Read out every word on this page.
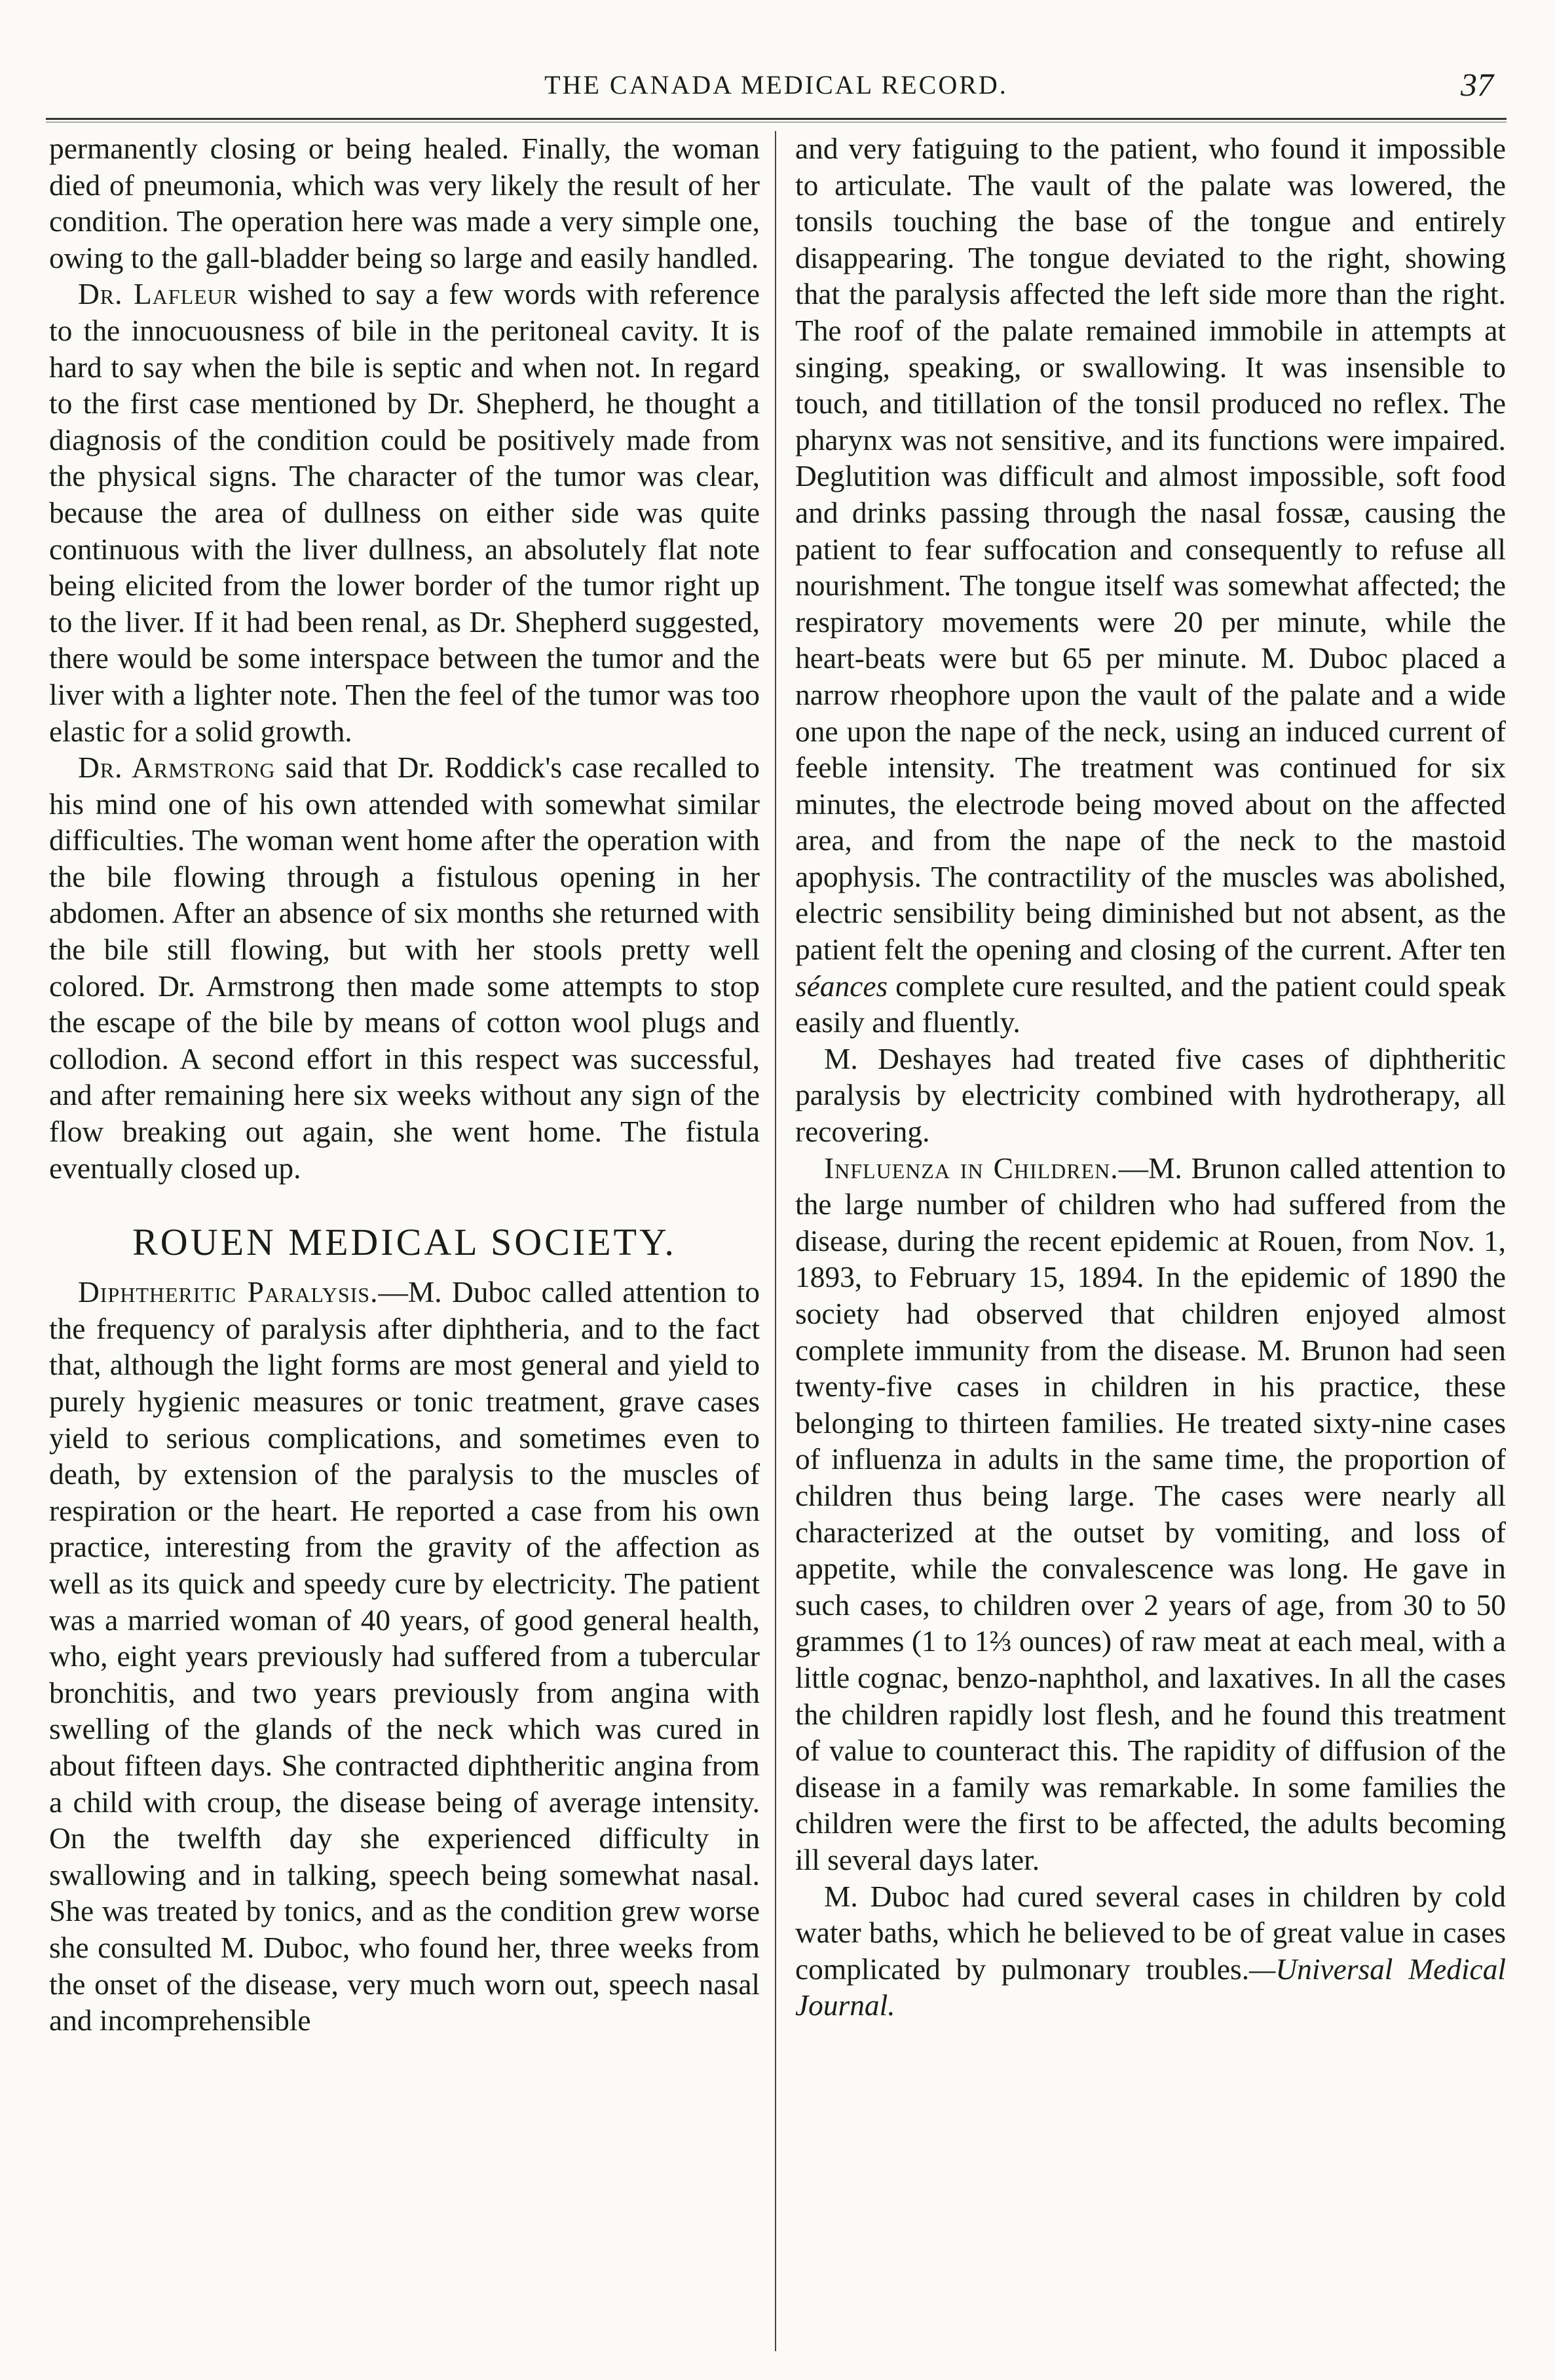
THE CANADA MEDICAL RECORD.	37

permanently closing or being healed. Finally, the woman died of pneumonia, which was very likely the result of her condition. The operation here was made a very simple one, owing to the gall-bladder being so large and easily handled.

Dr. Lafleur wished to say a few words with reference to the innocuousness of bile in the peritoneal cavity. It is hard to say when the bile is septic and when not. In regard to the first case mentioned by Dr. Shepherd, he thought a diagnosis of the condition could be positively made from the physical signs. The character of the tumor was clear, because the area of dullness on either side was quite continuous with the liver dullness, an absolutely flat note being elicited from the lower border of the tumor right up to the liver. If it had been renal, as Dr. Shepherd suggested, there would be some interspace between the tumor and the liver with a lighter note. Then the feel of the tumor was too elastic for a solid growth.

Dr. Armstrong said that Dr. Roddick's case recalled to his mind one of his own attended with somewhat similar difficulties. The woman went home after the operation with the bile flowing through a fistulous opening in her abdomen. After an absence of six months she returned with the bile still flowing, but with her stools pretty well colored. Dr. Armstrong then made some attempts to stop the escape of the bile by means of cotton wool plugs and collodion. A second effort in this respect was successful, and after remaining here six weeks without any sign of the flow breaking out again, she went home. The fistula eventually closed up.

ROUEN MEDICAL SOCIETY.

Diphtheritic Paralysis.—M. Duboc called attention to the frequency of paralysis after diphtheria, and to the fact that, although the light forms are most general and yield to purely hygienic measures or tonic treatment, grave cases yield to serious complications, and sometimes even to death, by extension of the paralysis to the muscles of respiration or the heart. He reported a case from his own practice, interesting from the gravity of the affection as well as its quick and speedy cure by electricity. The patient was a married woman of 40 years, of good general health, who, eight years previously had suffered from a tubercular bronchitis, and two years previously from angina with swelling of the glands of the neck which was cured in about fifteen days. She contracted diphtheritic angina from a child with croup, the disease being of average intensity. On the twelfth day she experienced difficulty in swallowing and in talking, speech being somewhat nasal. She was treated by tonics, and as the condition grew worse she consulted M. Duboc, who found her, three weeks from the onset of the disease, very much worn out, speech nasal and incomprehensible

and very fatiguing to the patient, who found it impossible to articulate. The vault of the palate was lowered, the tonsils touching the base of the tongue and entirely disappearing. The tongue deviated to the right, showing that the paralysis affected the left side more than the right. The roof of the palate remained immobile in attempts at singing, speaking, or swallowing. It was insensible to touch, and titillation of the tonsil produced no reflex. The pharynx was not sensitive, and its functions were impaired. Deglutition was difficult and almost impossible, soft food and drinks passing through the nasal fossæ, causing the patient to fear suffocation and consequently to refuse all nourishment. The tongue itself was somewhat affected; the respiratory movements were 20 per minute, while the heart-beats were but 65 per minute. M. Duboc placed a narrow rheophore upon the vault of the palate and a wide one upon the nape of the neck, using an induced current of feeble intensity. The treatment was continued for six minutes, the electrode being moved about on the affected area, and from the nape of the neck to the mastoid apophysis. The contractility of the muscles was abolished, electric sensibility being diminished but not absent, as the patient felt the opening and closing of the current. After ten séances complete cure resulted, and the patient could speak easily and fluently.

M. Deshayes had treated five cases of diphtheritic paralysis by electricity combined with hydrotherapy, all recovering.

Influenza in Children.—M. Brunon called attention to the large number of children who had suffered from the disease, during the recent epidemic at Rouen, from Nov. 1, 1893, to February 15, 1894. In the epidemic of 1890 the society had observed that children enjoyed almost complete immunity from the disease. M. Brunon had seen twenty-five cases in children in his practice, these belonging to thirteen families. He treated sixty-nine cases of influenza in adults in the same time, the proportion of children thus being large. The cases were nearly all characterized at the outset by vomiting, and loss of appetite, while the convalescence was long. He gave in such cases, to children over 2 years of age, from 30 to 50 grammes (1 to 1⅔ ounces) of raw meat at each meal, with a little cognac, benzo-naphthol, and laxatives. In all the cases the children rapidly lost flesh, and he found this treatment of value to counteract this. The rapidity of diffusion of the disease in a family was remarkable. In some families the children were the first to be affected, the adults becoming ill several days later.

M. Duboc had cured several cases in children by cold water baths, which he believed to be of great value in cases complicated by pulmonary troubles.—Universal Medical Journal.
